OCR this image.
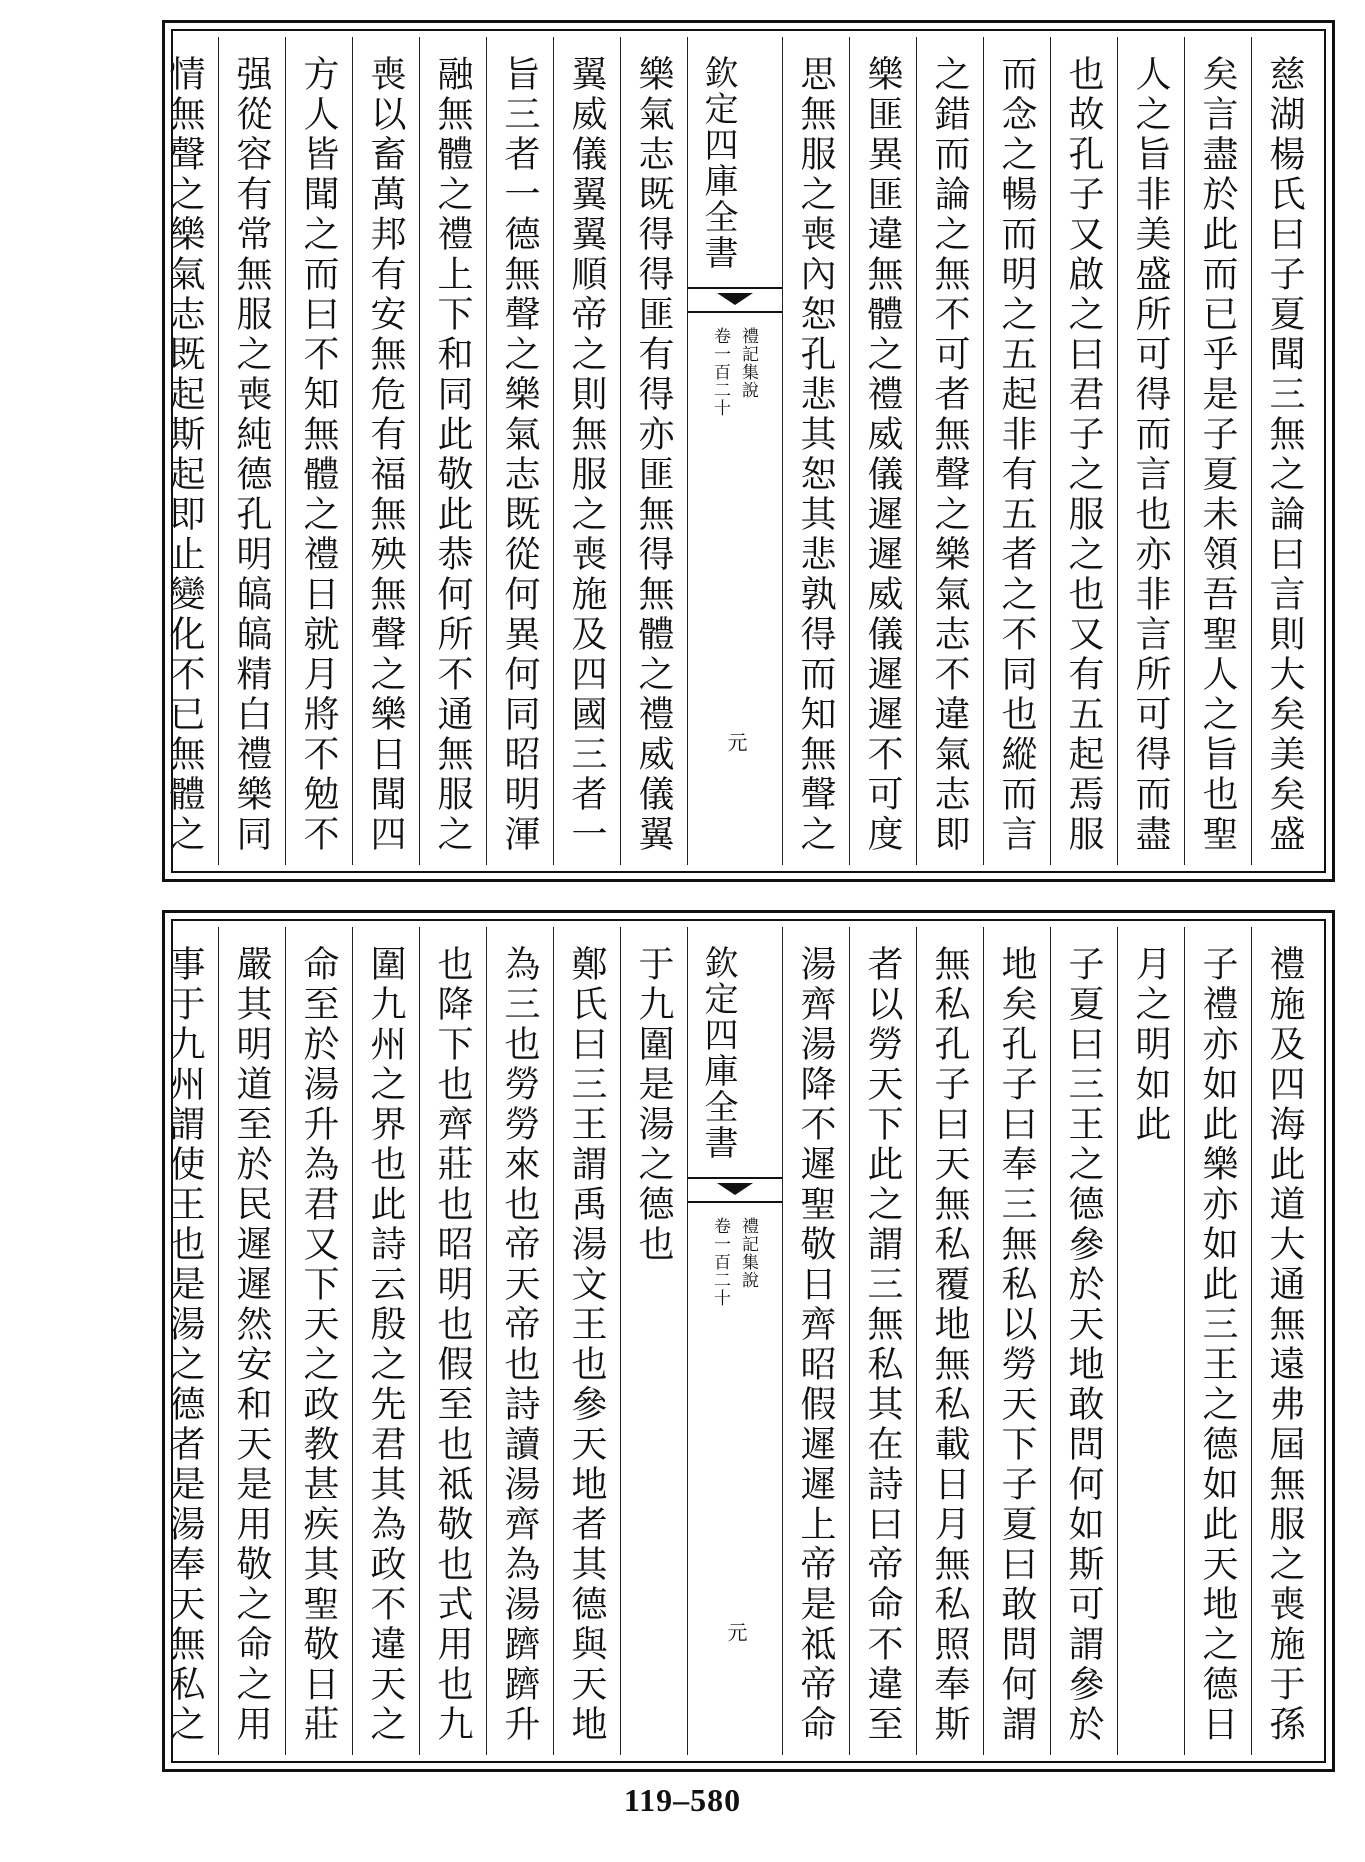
慈湖楊氏曰子夏聞三無之論曰言則大矣美矣盛
矣言盡於此而已乎是子夏未領吾聖人之旨也聖
人之旨非美盛所可得而言也亦非言所可得而盡
也故孔子又啟之曰君子之服之也又有五起焉服
而念之暢而明之五起非有五者之不同也縱而言
之錯而論之無不可者無聲之樂氣志不違氣志即
樂匪異匪違無體之禮威儀遲遲威儀遲遲不可度
思無服之喪內恕孔悲其恕其悲孰得而知無聲之
欽定四庫全書
禮記集說
卷一百二十
元
樂氣志既得得匪有得亦匪無得無體之禮威儀翼
翼威儀翼翼順帝之則無服之喪施及四國三者一
旨三者一德無聲之樂氣志既從何異何同昭明渾
融無體之禮上下和同此敬此恭何所不通無服之
喪以畜萬邦有安無危有福無殃無聲之樂日聞四
方人皆聞之而曰不知無體之禮日就月將不勉不
强從容有常無服之喪純德孔明皜皜精白禮樂同
情無聲之樂氣志既起斯起即止變化不已無體之
禮施及四海此道大通無遠弗屆無服之喪施于孫
子禮亦如此樂亦如此三王之德如此天地之德日
月之明如此
子夏曰三王之德參於天地敢問何如斯可謂參於
地矣孔子曰奉三無私以勞天下子夏曰敢問何謂
無私孔子曰天無私覆地無私載日月無私照奉斯
者以勞天下此之謂三無私其在詩曰帝命不違至
湯齊湯降不遲聖敬日齊昭假遲遲上帝是祗帝命
欽定四庫全書
禮記集說
卷一百二十
元
于九圍是湯之德也
鄭氏曰三王謂禹湯文王也參天地者其德與天地
為三也勞勞來也帝天帝也詩讀湯齊為湯躋躋升
也降下也齊莊也昭明也假至也祗敬也式用也九
圍九州之界也此詩云殷之先君其為政不違天之
命至於湯升為君又下天之政教甚疾其聖敬日莊
嚴其明道至於民遲遲然安和天是用敬之命之用
事于九州謂使王也是湯之德者是湯奉天無私之
119–580
